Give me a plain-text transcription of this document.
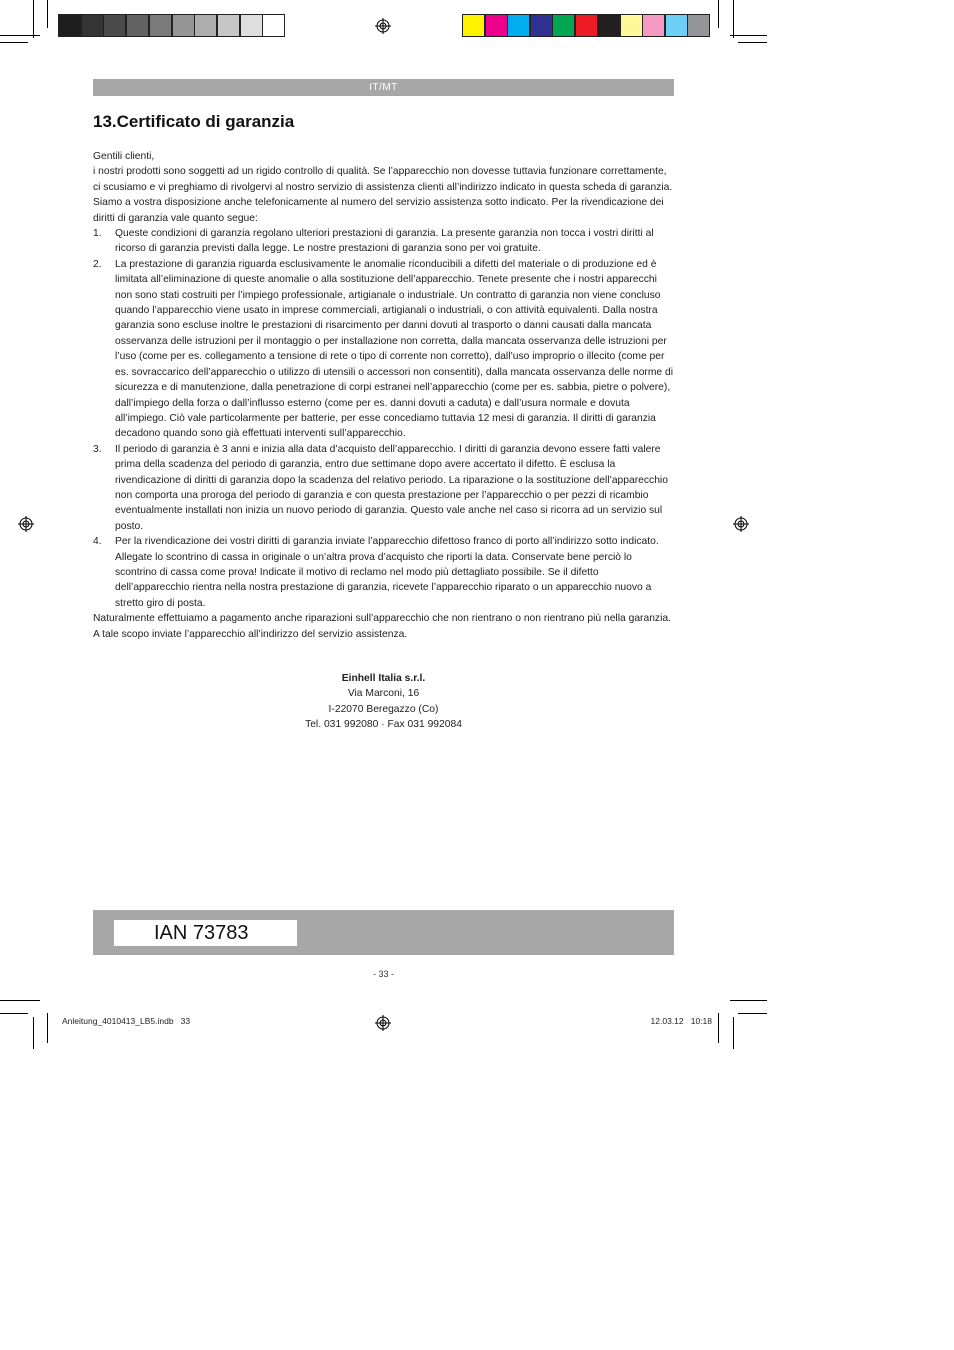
IT/MT
13.Certificato di garanzia

Gentili clienti,

i nostri prodotti sono soggetti ad un rigido controllo di qualità. Se l’apparecchio non dovesse tuttavia funzionare correttamente, ci scusiamo e vi preghiamo di rivolgervi al nostro servizio di assistenza clienti all’indirizzo indicato in questa scheda di garanzia. Siamo a vostra disposizione anche telefonicamente al numero del servizio assistenza sotto indicato. Per la rivendicazione dei diritti di garanzia vale quanto segue:

1. Queste condizioni di garanzia regolano ulteriori prestazioni di garanzia. La presente garanzia non tocca i vostri diritti al ricorso di garanzia previsti dalla legge. Le nostre prestazioni di garanzia sono per voi gratuite.
2. La prestazione di garanzia riguarda esclusivamente le anomalie riconducibili a difetti del materiale o di produzione ed è limitata all’eliminazione di queste anomalie o alla sostituzione dell’apparecchio. Tenete presente che i nostri apparecchi non sono stati costruiti per l’impiego professionale, artigianale o industriale. Un contratto di garanzia non viene concluso quando l’apparecchio viene usato in imprese commerciali, artigianali o industriali, o con attività equivalenti. Dalla nostra garanzia sono escluse inoltre le prestazioni di risarcimento per danni dovuti al trasporto o danni causati dalla mancata osservanza delle istruzioni per il montaggio o per installazione non corretta, dalla mancata osservanza delle istruzioni per l’uso (come per es. collegamento a tensione di rete o tipo di corrente non corretto), dall’uso improprio o illecito (come per es. sovraccarico dell’apparecchio o utilizzo di utensili o accessori non consentiti), dalla mancata osservanza delle norme di sicurezza e di manutenzione, dalla penetrazione di corpi estranei nell’apparecchio (come per es. sabbia, pietre o polvere), dall’impiego della forza o dall’influsso esterno (come per es. danni dovuti a caduta) e dall’usura normale e dovuta all’impiego. Ciò vale particolarmente per batterie, per esse concediamo tuttavia 12 mesi di garanzia. Il diritti di garanzia decadono quando sono già effettuati interventi sull’apparecchio.
3. Il periodo di garanzia è 3 anni e inizia alla data d’acquisto dell’apparecchio. I diritti di garanzia devono essere fatti valere prima della scadenza del periodo di garanzia, entro due settimane dopo avere accertato il difetto. È esclusa la rivendicazione di diritti di garanzia dopo la scadenza del relativo periodo. La riparazione o la sostituzione dell’apparecchio non comporta una proroga del periodo di garanzia e con questa prestazione per l’apparecchio o per pezzi di ricambio eventualmente installati non inizia un nuovo periodo di garanzia. Questo vale anche nel caso si ricorra ad un servizio sul posto.
4. Per la rivendicazione dei vostri diritti di garanzia inviate l’apparecchio difettoso franco di porto all’indirizzo sotto indicato. Allegate lo scontrino di cassa in originale o un’altra prova d’acquisto che riporti la data. Conservate bene perciò lo scontrino di cassa come prova! Indicate il motivo di reclamo nel modo più dettagliato possibile. Se il difetto dell’apparecchio rientra nella nostra prestazione di garanzia, ricevete l’apparecchio riparato o un apparecchio nuovo a stretto giro di posta.

Naturalmente effettuiamo a pagamento anche riparazioni sull’apparecchio che non rientrano o non rientrano più nella garanzia. A tale scopo inviate l’apparecchio all’indirizzo del servizio assistenza.

Einhell Italia s.r.l.
Via Marconi, 16
I-22070 Beregazzo (Co)
Tel. 031 992080 · Fax 031 992084
IAN 73783
- 33 -
Anleitung_4010413_LB5.indb   33	12.03.12   10:18
